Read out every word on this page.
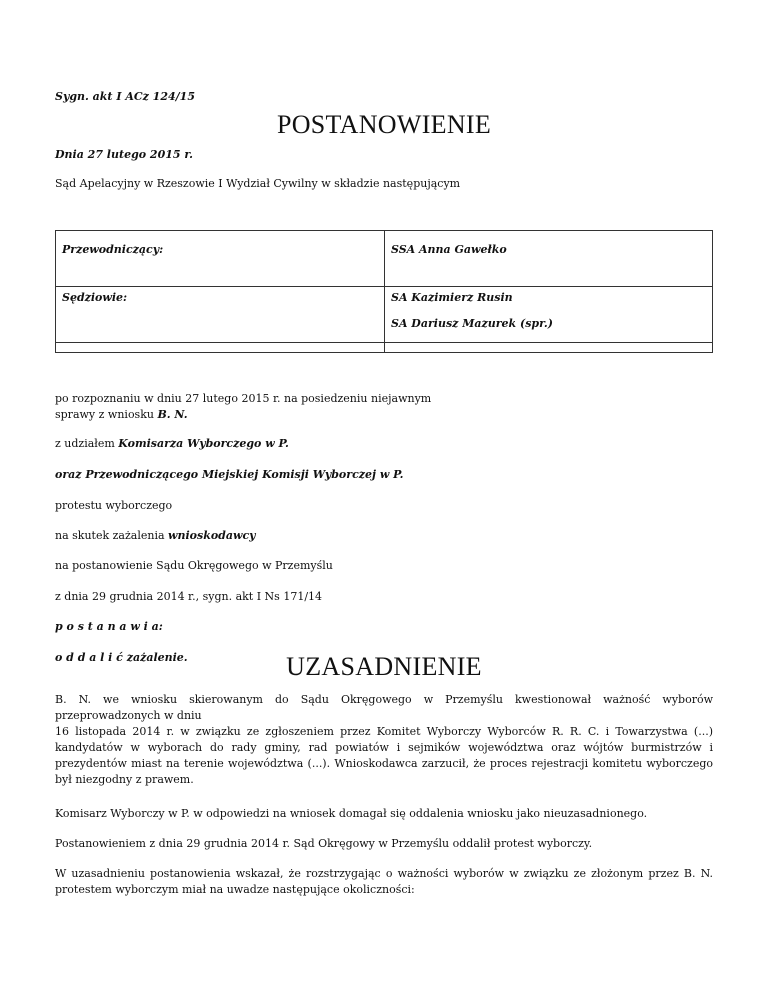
Sygn. akt I ACz 124/15
POSTANOWIENIE
Dnia 27 lutego 2015 r.
Sąd Apelacyjny w Rzeszowie I Wydział Cywilny w składzie następującym
Przewodniczący:	SSA Anna Gawełko

Sędziowie:	SA Kazimierz Rusin
SA Dariusz Mazurek (spr.)

po rozpoznaniu w dniu 27 lutego 2015 r. na posiedzeniu niejawnym
sprawy z wniosku B. N.
z udziałem Komisarza Wyborczego w P.
oraz Przewodniczącego Miejskiej Komisji Wyborczej w P.
protestu wyborczego
na skutek zażalenia wnioskodawcy
na postanowienie Sądu Okręgowego w Przemyślu
z dnia 29 grudnia 2014 r., sygn. akt I Ns 171/14
p o s t a n a w i a:
o d d a l i ć zażalenie.	UZASADNIENIE
B. N. we wniosku skierowanym do Sądu Okręgowego w Przemyślu kwestionował ważność wyborów przeprowadzonych w dniu
16 listopada 2014 r. w związku ze zgłoszeniem przez Komitet Wyborczy Wyborców R. R. C. i Towarzystwa (...) kandydatów w wyborach do rady gminy, rad powiatów i sejmików województwa oraz wójtów burmistrzów i prezydentów miast na terenie województwa (...). Wnioskodawca zarzucił, że proces rejestracji komitetu wyborczego był niezgodny z prawem.
Komisarz Wyborczy w P. w odpowiedzi na wniosek domagał się oddalenia wniosku jako nieuzasadnionego.
Postanowieniem z dnia 29 grudnia 2014 r. Sąd Okręgowy w Przemyślu oddalił protest wyborczy.
W uzasadnieniu postanowienia wskazał, że rozstrzygając o ważności wyborów w związku ze złożonym przez B. N. protestem wyborczym miał na uwadze następujące okoliczności:
